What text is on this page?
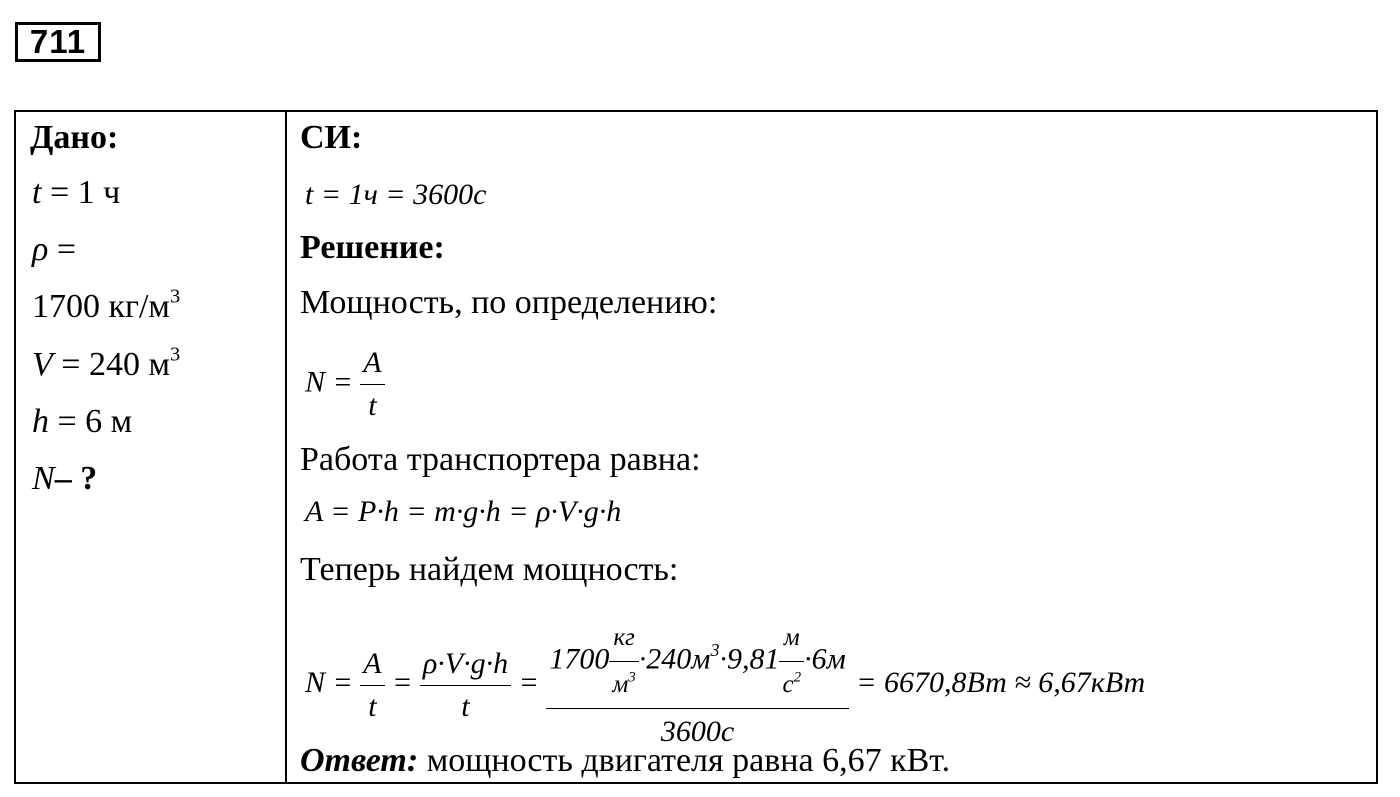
711
Дано:
t = 1 ч
ρ =
1700 $кг/м^3$
V = 240 $м^3$
h = 6 м
N– ?
СИ:
t = 1ч = 3600с
Решение:
Мощность, по определению:
$N = \frac{A}{t}$
Работа транспортера равна:
A = P·h = m·g·h = ρ·V·g·h
Теперь найдем мощность:
$N = \frac{A}{t} = \frac{\rho\cdot V\cdot g\cdot h}{t} = \frac{1700 \frac{кг}{м^3} \cdot 240м^3\cdot 9,81 \frac{м}{с^2} \cdot 6м}{3600с} = 6670,8Вт \approx 6,67кВт$
Ответ: мощность двигателя равна 6,67 кВт.
